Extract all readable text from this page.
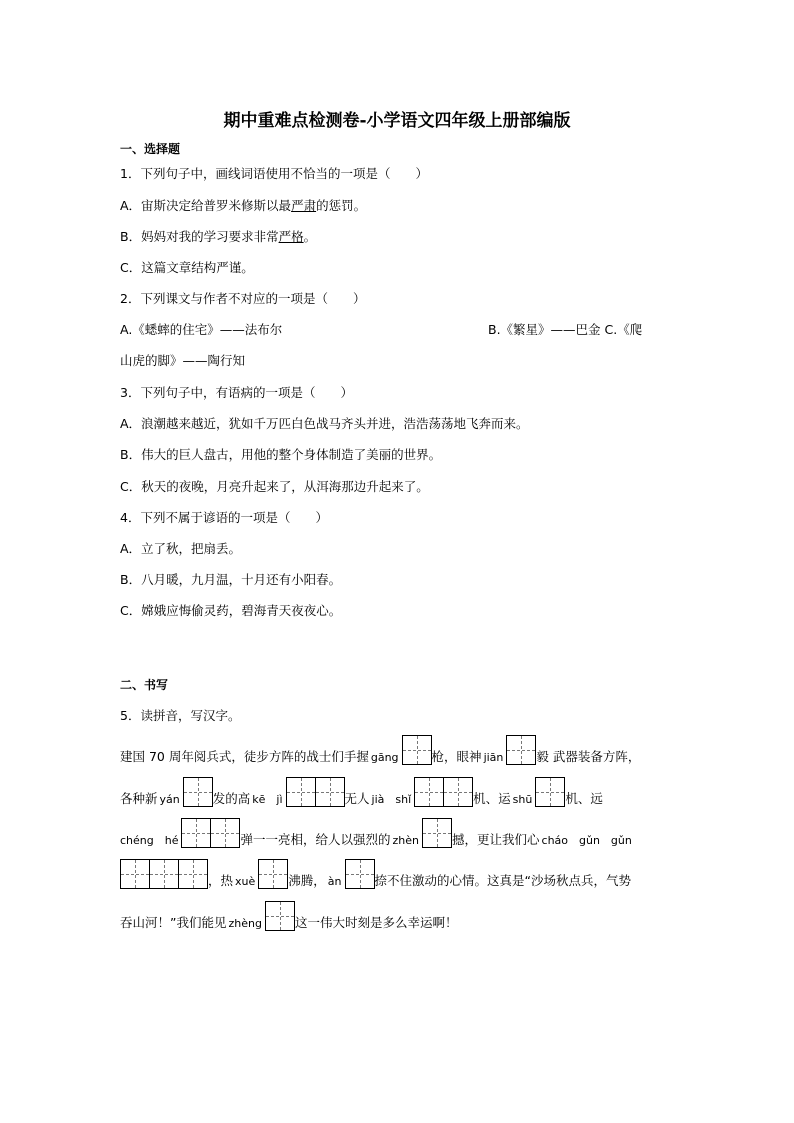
期中重难点检测卷-小学语文四年级上册部编版
一、选择题
1．下列句子中，画线词语使用不恰当的一项是（　　）
A．宙斯决定给普罗米修斯以最严肃的惩罚。
B．妈妈对我的学习要求非常严格。
C．这篇文章结构严谨。
2．下列课文与作者不对应的一项是（　　）
A.《蟋蟀的住宅》——法布尔	B.《繁星》——巴金 C.《爬
山虎的脚》——陶行知
3．下列句子中，有语病的一项是（　　）
A．浪潮越来越近，犹如千万匹白色战马齐头并进，浩浩荡荡地飞奔而来。
B．伟大的巨人盘古，用他的整个身体制造了美丽的世界。
C．秋天的夜晚，月亮升起来了，从洱海那边升起来了。
4．下列不属于谚语的一项是（　　）
A．立了秋，把扇丢。
B．八月暖，九月温，十月还有小阳春。
C．嫦娥应悔偷灵药，碧海青天夜夜心。
二、书写
5．读拼音，写汉字。
建国 70 周年阅兵式，徒步方阵的战士们手握 gāng	枪，眼神 jiān	毅 武器装备方阵，
各种新 yán	发的高 kē　jì	无人 jià　shǐ	机、运 shū	机、远
chéng　hé	弹一一亮相，给人以强烈的 zhèn	撼，更让我们心 cháo　gǔn　gǔn
，热 xuè	沸腾， àn	捺不住激动的心情。这真是“沙场秋点兵，气势
吞山河！”我们能见 zhèng	这一伟大时刻是多么幸运啊！
